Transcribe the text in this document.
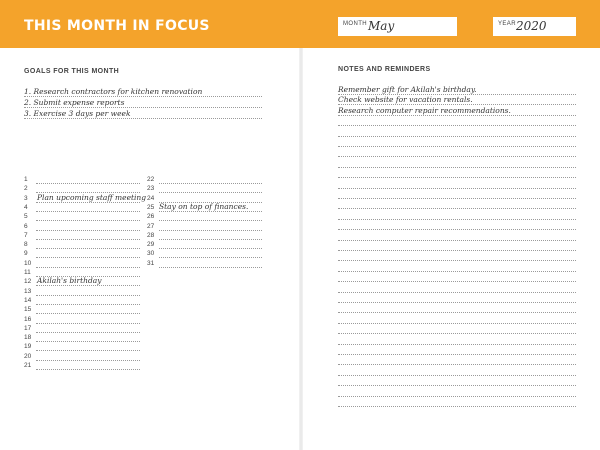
THIS MONTH IN FOCUS	MONTH May	YEAR 2020
GOALS FOR THIS MONTH
1. Research contractors for kitchen renovation
2. Submit expense reports
3. Exercise 3 days per week
1
2
3 Plan upcoming staff meeting
4
5
6
7
8
9
10
11
12 Akilah's birthday
13
14
15
16
17
18
19
20
21
22
23
24
25 Stay on top of finances.
26
27
28
29
30
31
NOTES AND REMINDERS
Remember gift for Akilah's birthday.
Check website for vacation rentals.
Research computer repair recommendations.
